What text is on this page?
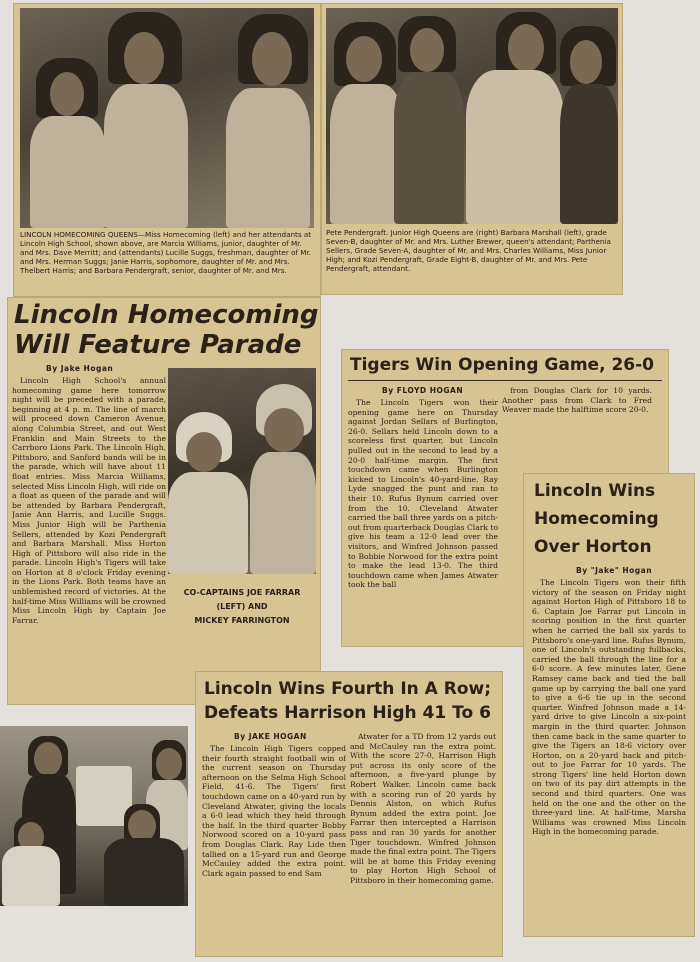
LINCOLN HOMECOMING QUEENS—Miss Homecoming (left) and her attendants at Lincoln High School, shown above, are Marcia Williams, junior, daughter of Mr. and Mrs. Dave Merritt; and (attendants) Lucille Suggs, freshman, daughter of Mr. and Mrs. Herman Suggs; Janie Harris, sophomore, daughter of Mr. and Mrs. Thelbert Harris; and Barbara Pendergraft, senior, daughter of Mr. and Mrs.
Pete Pendergraft. Junior High Queens are (right) Barbara Marshall (left), grade Seven-B, daughter of Mr. and Mrs. Luther Brewer, queen's attendant; Parthenia Sellers, Grade Seven-A, daughter of Mr. and Mrs. Charles Williams, Miss Junior High; and Kozi Pendergraft, Grade Eight-B, daughter of Mr. and Mrs. Pete Pendergraft, attendant.
Lincoln Homecoming
Will Feature Parade
By Jake Hogan

Lincoln High School's annual homecoming game here tomorrow night will be preceded with a parade, beginning at 4 p. m. The line of march will proceed down Cameron Avenue, along Columbia Street, and out West Franklin and Main Streets to the Carrboro Lions Park. The Lincoln High, Pittsboro, and Sanford bands will be in the parade, which will have about 11 float entries. Miss Marcia Williams, selected Miss Lincoln High, will ride on a float as queen of the parade and will be attended by Barbara Pendergraft, Janie Ann Harris, and Lucille Suggs. Miss Junior High will be Parthenia Sellers, attended by Kozi Pendergraft and Barbara Marshall. Miss Horton High of Pittsboro will also ride in the parade. Lincoln High's Tigers will take on Horton at 8 o'clock Friday evening in the Lions Park. Both teams have an unblemished record of victories. At the half-time Miss Williams will be crowned Miss Lincoln High by Captain Joe Farrar.

CO-CAPTAINS JOE FARRAR
(LEFT) AND
MICKEY FARRINGTON
Tigers Win Opening Game, 26-0
By FLOYD HOGAN

The Lincoln Tigers won their opening game here on Thursday against Jordan Sellars of Burlington, 26-0. Sellars held Lincoln down to a scoreless first quarter, but Lincoln pulled out in the second to lead by a 20-0 half-time margin. The first touchdown came when Burlington kicked to Lincoln's 40-yard-line. Ray Lyde snagged the punt and ran to their 10. Rufus Bynum carried over from the 10. Cleveland Atwater carried the ball three yards on a pitch-out from quarterback Douglas Clark to give his team a 12-0 lead over the visitors, and Winfred Johnson passed to Bobbie Norwood for the extra point to make the lead 13-0. The third touchdown came when James Atwater took the ball

from Douglas Clark for 10 yards. Another pass from Clark to Fred Weaver made the halftime score 20-0.

Lincoln Wins
Homecoming
Over Horton
By "Jake" Hogan

The Lincoln Tigers won their fifth victory of the season on Friday night against Horton High of Pittsboro 18 to 6. Captain Joe Farrar put Lincoln in scoring position in the first quarter when he carried the ball six yards to Pittsboro's one-yard line. Rufus Bynum, one of Lincoln's outstanding fullbacks, carried the ball through the line for a 6-0 score. A few minutes later, Gene Ramsey came back and tied the ball game up by carrying the ball one yard to give a 6-6 tie up in the second quarter. Winfred Johnson made a 14-yard drive to give Lincoln a six-point margin in the third quarter. Johnson then came back in the same quarter to give the Tigers an 18-6 victory over Horton, on a 20-yard back and pitch-out to Joe Farrar for 10 yards. The strong Tigers' line held Horton down on two of its pay dirt attempts in the second and third quarters. One was held on the one and the other on the three-yard line. At half-time, Marsha Williams was crowned Miss Lincoln High in the homecoming parade.

Lincoln Wins Fourth In A Row;
Defeats Harrison High 41 To 6
By JAKE HOGAN

The Lincoln High Tigers copped their fourth straight football win of the current season on Thursday afternoon on the Selma High School Field, 41-6. The Tigers' first touchdown came on a 40-yard run by Cleveland Atwater, giving the locals a 6-0 lead which they held through the half. In the third quarter Bobby Norwood scored on a 10-yard pass from Douglas Clark. Ray Lide then tallied on a 15-yard run and George McCauley added the extra point. Clark again passed to end Sam

Atwater for a TD from 12 yards out and McCauley ran the extra point. With the score 27-0, Harrison High put across its only score of the afternoon, a five-yard plunge by Robert Walker. Lincoln came back with a scoring run of 20 yards by Dennis Alston, on which Rufus Bynum added the extra point. Joe Farrar then intercepted a Harrison pass and ran 30 yards for another Tiger touchdown. Winfred Johnson made the final extra point. The Tigers will be at home this Friday evening to play Horton High School of Pittsboro in their homecoming game.
